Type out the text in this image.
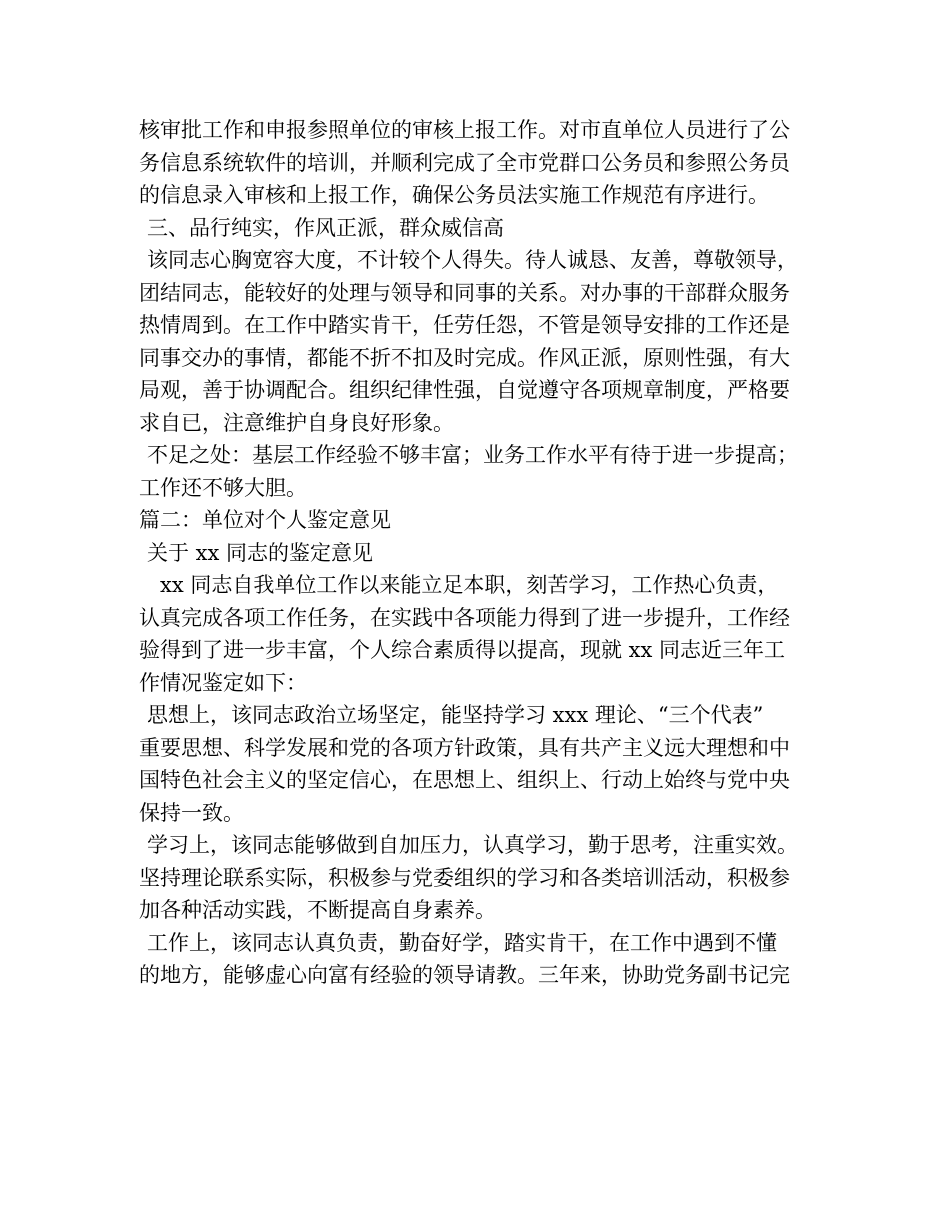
核审批工作和申报参照单位的审核上报工作。对市直单位人员进行了公
务信息系统软件的培训，并顺利完成了全市党群口公务员和参照公务员
的信息录入审核和上报工作，确保公务员法实施工作规范有序进行。
三、品行纯实，作风正派，群众威信高
该同志心胸宽容大度，不计较个人得失。待人诚恳、友善，尊敬领导，
团结同志，能较好的处理与领导和同事的关系。对办事的干部群众服务
热情周到。在工作中踏实肯干，任劳任怨，不管是领导安排的工作还是
同事交办的事情，都能不折不扣及时完成。作风正派，原则性强，有大
局观，善于协调配合。组织纪律性强，自觉遵守各项规章制度，严格要
求自已，注意维护自身良好形象。
不足之处：基层工作经验不够丰富；业务工作水平有待于进一步提高；
工作还不够大胆。
篇二：单位对个人鉴定意见
关于 xx 同志的鉴定意见
xx 同志自我单位工作以来能立足本职，刻苦学习，工作热心负责，
认真完成各项工作任务，在实践中各项能力得到了进一步提升，工作经
验得到了进一步丰富，个人综合素质得以提高，现就 xx 同志近三年工
作情况鉴定如下：
思想上，该同志政治立场坚定，能坚持学习 xxx 理论、“三个代表”
重要思想、科学发展和党的各项方针政策，具有共产主义远大理想和中
国特色社会主义的坚定信心，在思想上、组织上、行动上始终与党中央
保持一致。
学习上，该同志能够做到自加压力，认真学习，勤于思考，注重实效。
坚持理论联系实际，积极参与党委组织的学习和各类培训活动，积极参
加各种活动实践，不断提高自身素养。
工作上，该同志认真负责，勤奋好学，踏实肯干，在工作中遇到不懂
的地方，能够虚心向富有经验的领导请教。三年来，协助党务副书记完
